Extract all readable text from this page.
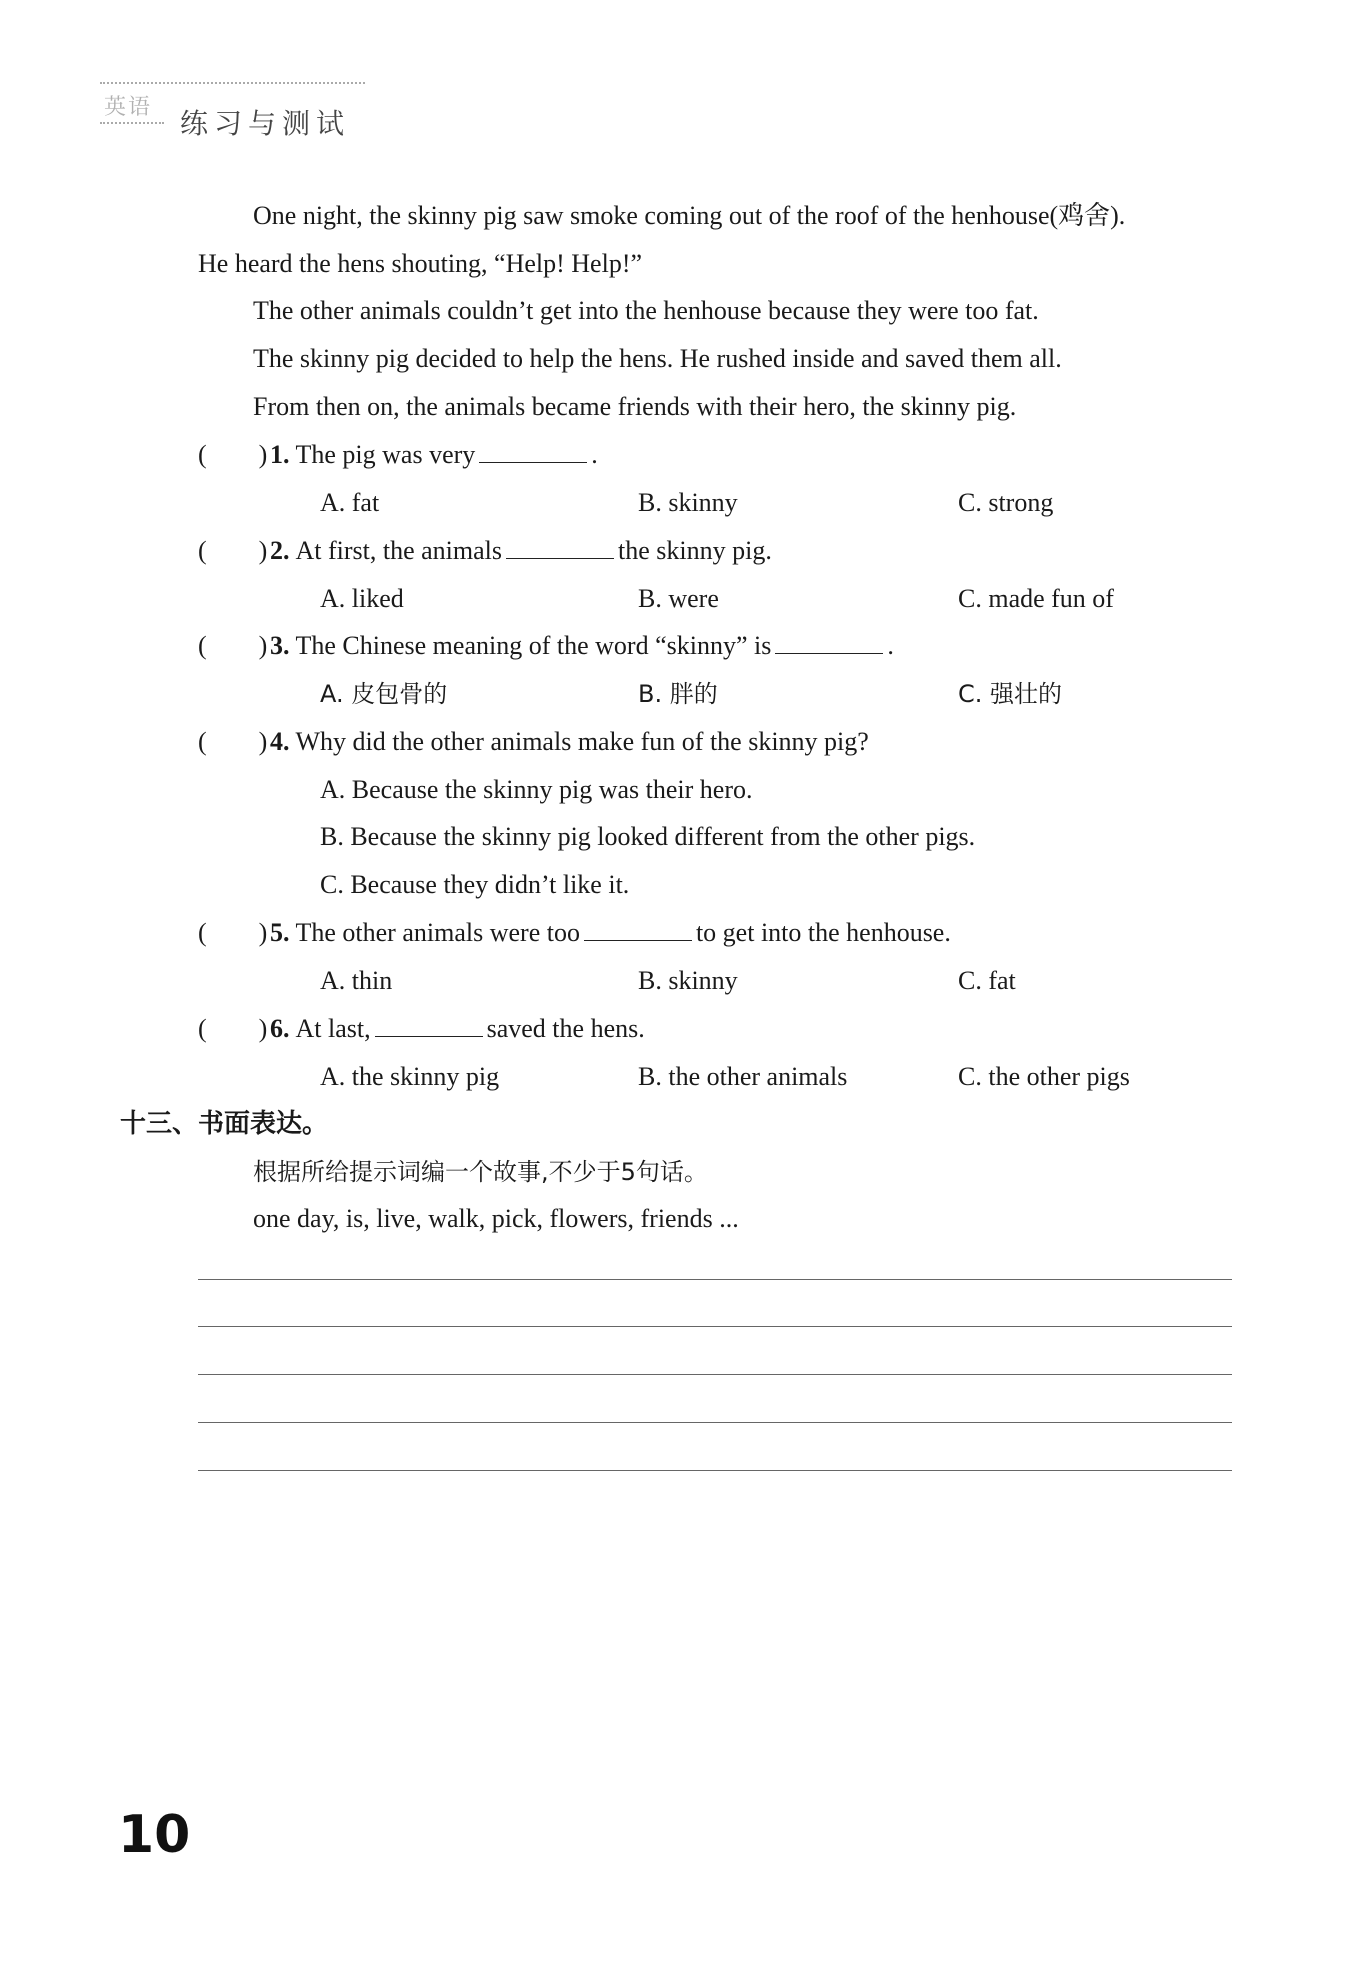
英语 练习与测试
One night, the skinny pig saw smoke coming out of the roof of the henhouse(鸡舍).
He heard the hens shouting, “Help! Help!”
The other animals couldn’t get into the henhouse because they were too fat.
The skinny pig decided to help the hens. He rushed inside and saved them all.
From then on, the animals became friends with their hero, the skinny pig.
(　　) 1. The pig was very	.
A. fat	B. skinny	C. strong
(　　) 2. At first, the animals	the skinny pig.
A. liked	B. were	C. made fun of
(　　) 3. The Chinese meaning of the word “skinny” is	.
A. 皮包骨的	B. 胖的	C. 强壮的
(　　) 4. Why did the other animals make fun of the skinny pig?
A. Because the skinny pig was their hero.
B. Because the skinny pig looked different from the other pigs.
C. Because they didn’t like it.
(　　) 5. The other animals were too	to get into the henhouse.
A. thin	B. skinny	C. fat
(　　) 6. At last,	saved the hens.
A. the skinny pig	B. the other animals	C. the other pigs
十三、书面表达。
根据所给提示词编一个故事,不少于5句话。
one day, is, live, walk, pick, flowers, friends ...
10
